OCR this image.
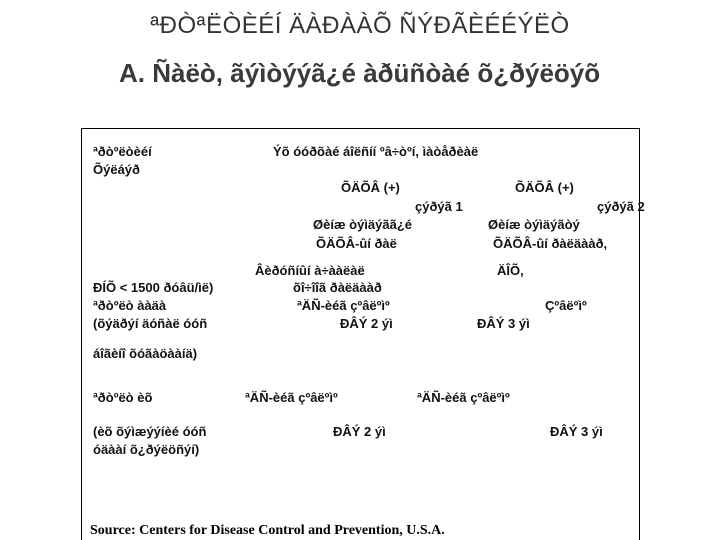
ªÐÒªËÒÈÉÍ ÄÀÐÀÀÕ ÑÝÐÃÈÉÉÝËÒ
A. Ñàëò, ãýìòýýã¿é àðüñòàé õ¿ðýëöýõ
ªðòºëòèéí	Ýõ óóðõàé áîëñíí ºâ÷òºí, ìàòåðèàë
Õýëáýð
ÕÄÕÂ (+)	ÕÄÕÂ (+)
çýðýã 1	çýðýã 2
Øèíæ òýìäýãã¿é	Øèíæ òýìäýãòý
ÕÄÕÂ-ûí ðàë	ÕÄÕÂ-ûí ðàëäààð,
Âèðóñíûí à÷ààëàë	ÄÎÕ,
ÐÍÕ < 1500 ðóâü/ìë)	õî÷îîã ðàëäààð
ªðòºëò ààäà	ªÄÑ-èéã çºâëºìº	Çºâëºìº
(õýäðýí äóñàë óóñ	ÐÂÝ 2 ýì	ÐÂÝ 3 ýì
áîãèíî õóãàöààíä)
ªðòºëò èõ	ªÄÑ-èéã çºâëºìº	ªÄÑ-èéã çºâëºìº
(èõ õýìæýýíèé óóñ	ÐÂÝ 2 ýì	ÐÂÝ 3 ýì
óäààí õ¿ðýëöñýí)
Source: Centers for Disease Control and Prevention, U.S.A.
